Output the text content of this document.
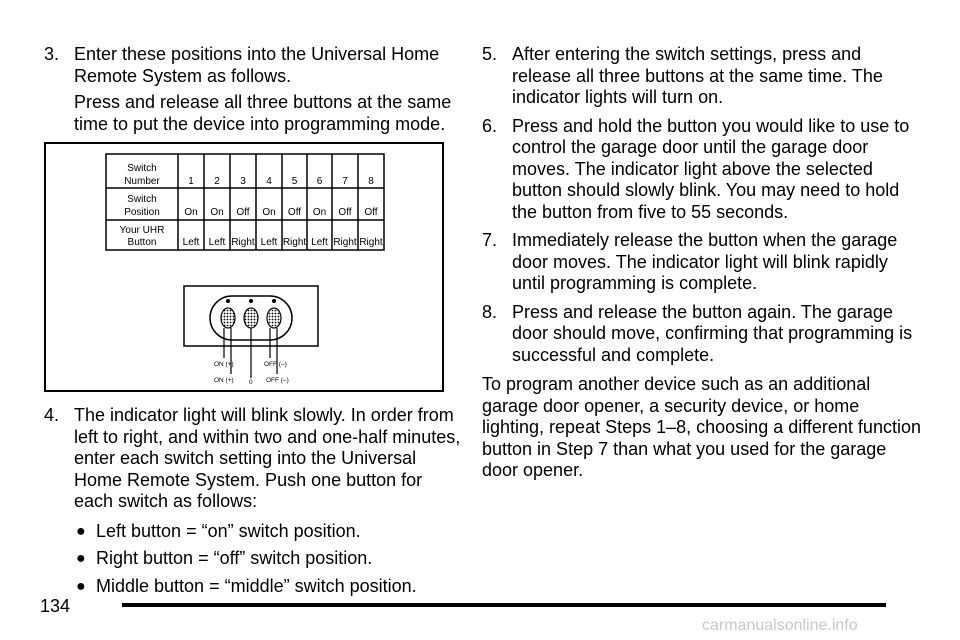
3. Enter these positions into the Universal Home Remote System as follows.
Press and release all three buttons at the same time to put the device into programming mode.
Switch
Number
Switch
Position
Your UHR
Button
1 2 3 4 5 6 7 8
On On Off On Off On Off Off
Left Left Right Left Right Left Right Right
ON (+)	OFF (–)
ON (+) 0 OFF (–)
4. The indicator light will blink slowly. In order from left to right, and within two and one-half minutes, enter each switch setting into the Universal Home Remote System. Push one button for each switch as follows:
● Left button = “on” switch position.
● Right button = “off” switch position.
● Middle button = “middle” switch position.
5. After entering the switch settings, press and release all three buttons at the same time. The indicator lights will turn on.
6. Press and hold the button you would like to use to control the garage door until the garage door moves. The indicator light above the selected button should slowly blink. You may need to hold the button from five to 55 seconds.
7. Immediately release the button when the garage door moves. The indicator light will blink rapidly until programming is complete.
8. Press and release the button again. The garage door should move, confirming that programming is successful and complete.
To program another device such as an additional garage door opener, a security device, or home lighting, repeat Steps 1–8, choosing a different function button in Step 7 than what you used for the garage door opener.
134
carmanualsonline.info
